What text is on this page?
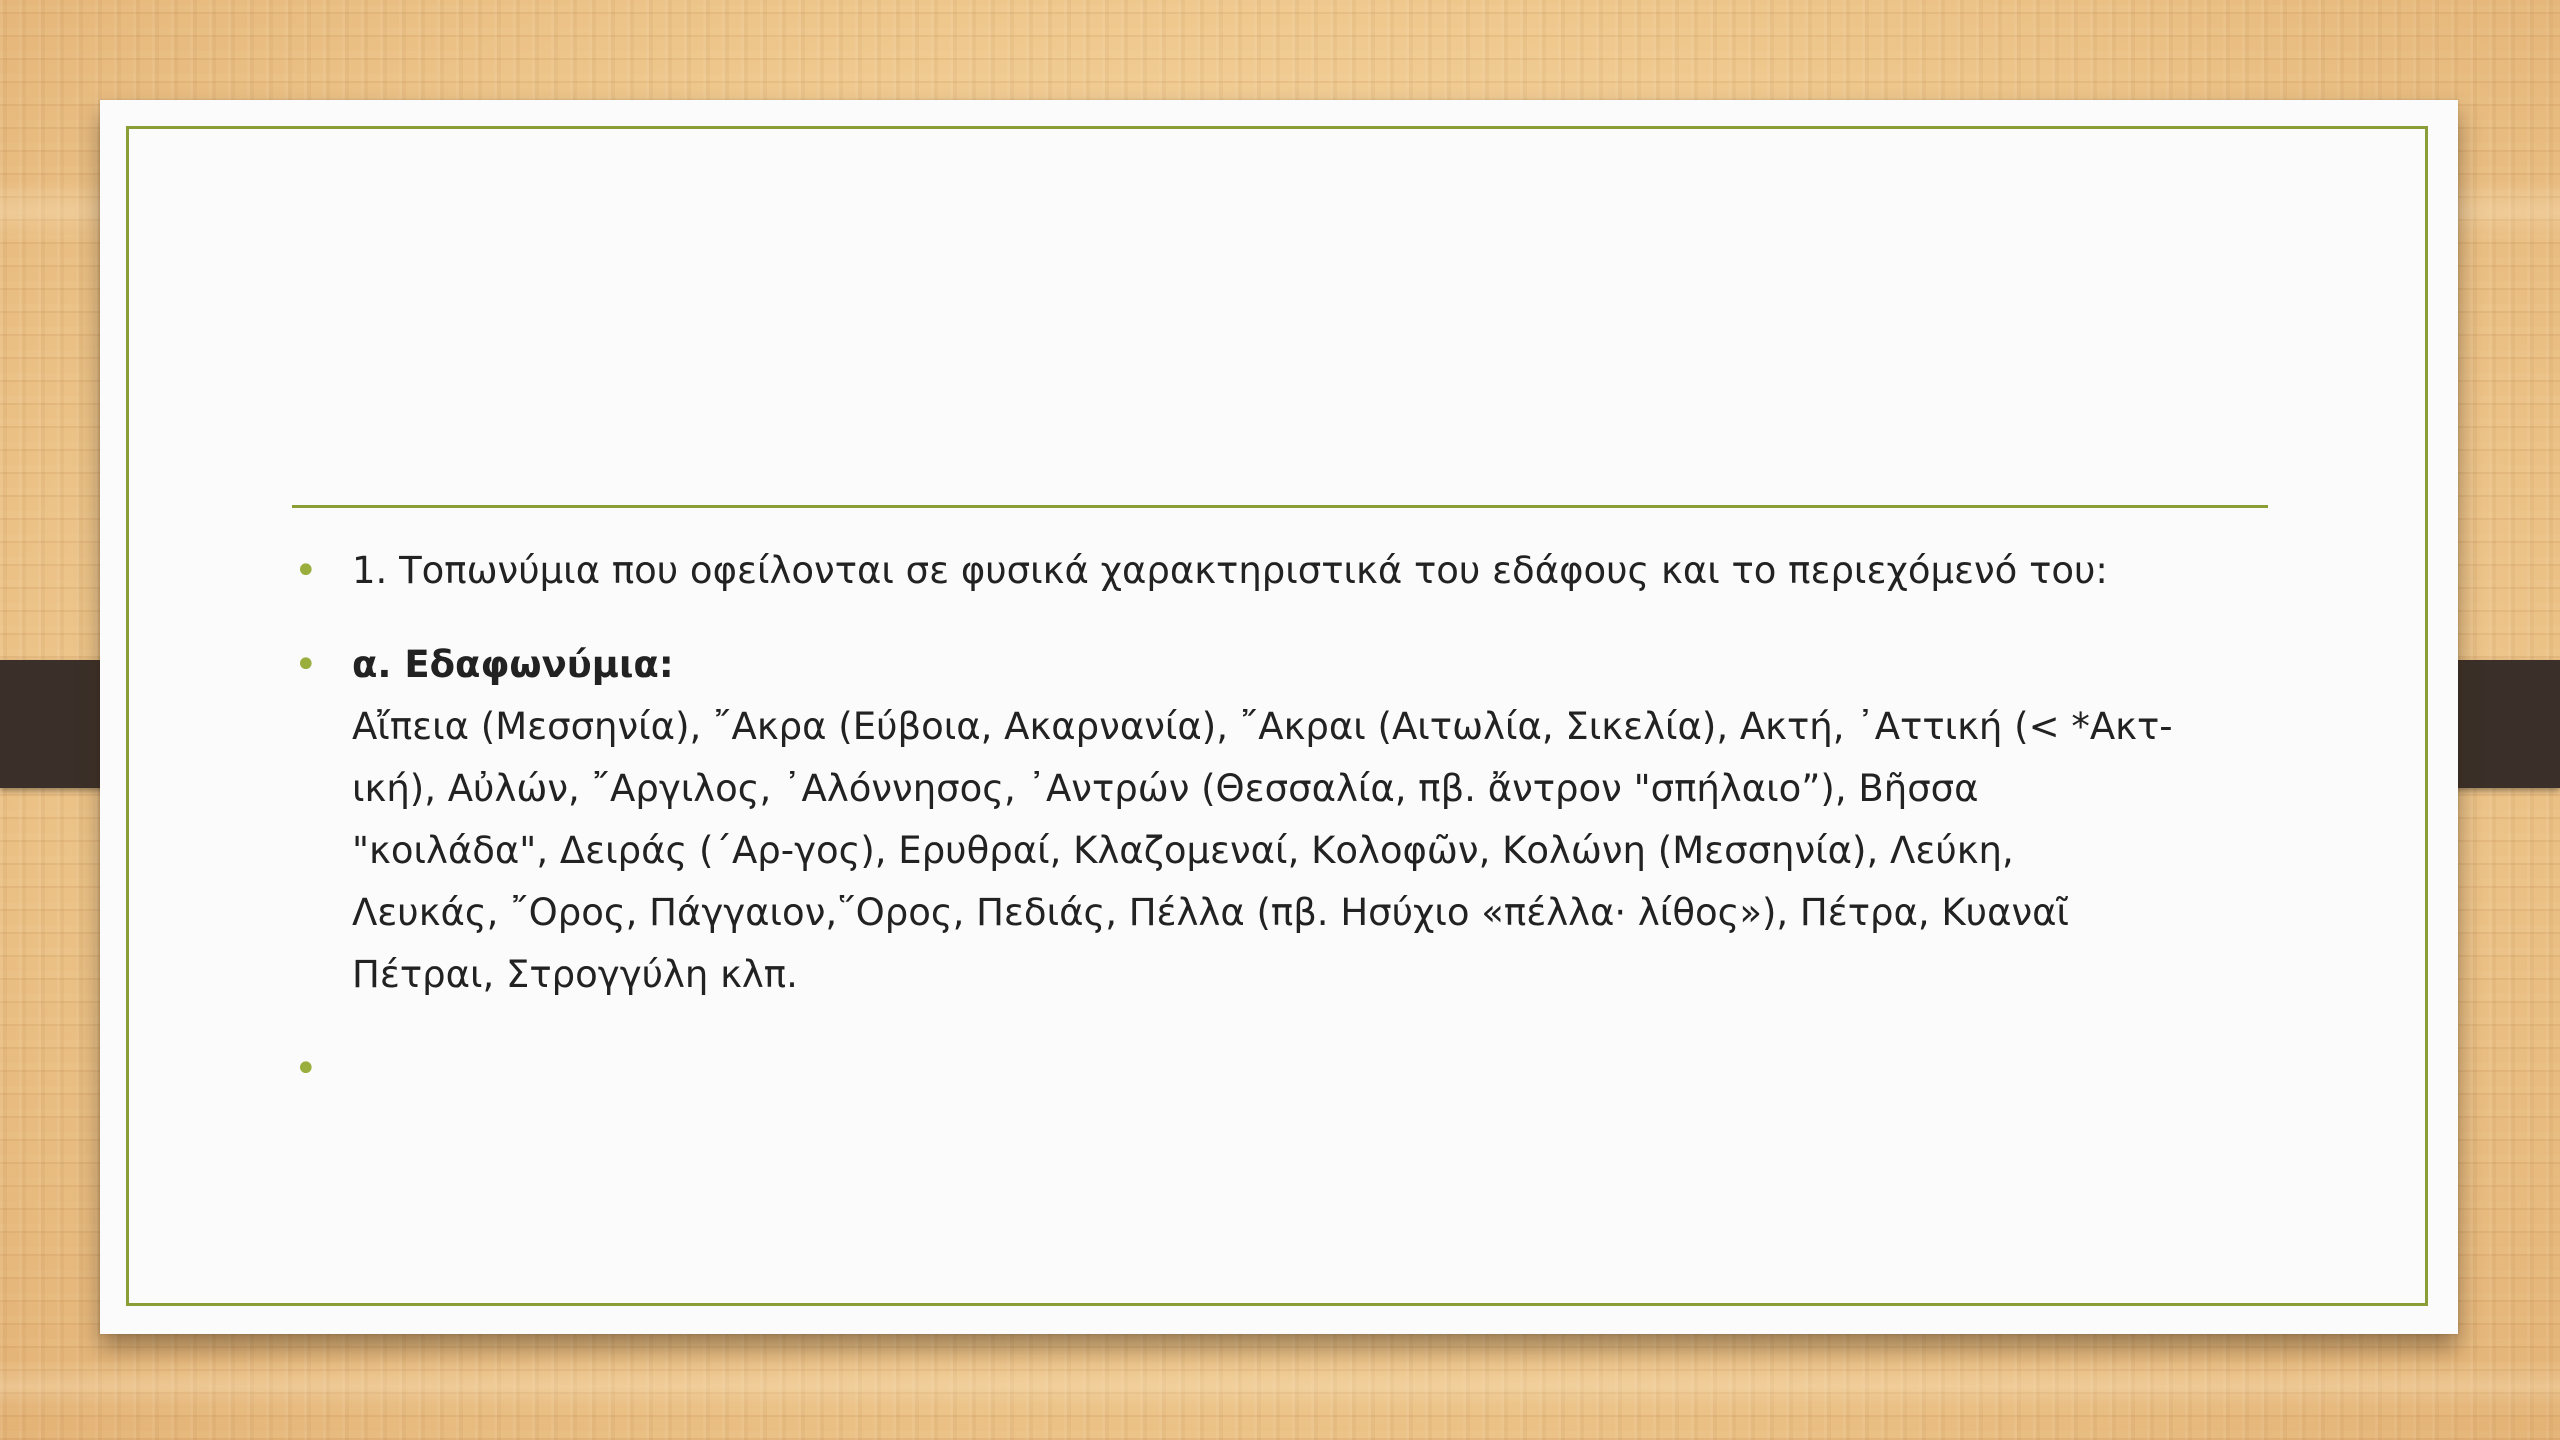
• 1. Τοπωνύμια που οφείλονται σε φυσικά χαρακτηριστικά του εδάφους και το περιεχόμενό του:
• α. Εδαφωνύμια:
Αἴπεια (Μεσσηνία), ῎Ακρα (Εύβοια, Ακαρνανία), ῎Ακραι (Αιτωλία, Σικελία), Ακτή, ᾿Αττική (< *Ακτ-
ική), Αὐλών, ῎Αργιλος, ᾿Αλόννησος, ᾿Αντρών (Θεσσαλία, πβ. ἄντρον "σπήλαιο”), Βῆσσα
"κοιλάδα", Δειράς (΄Αρ-γος), Ερυθραί, Κλαζομεναί, Κολοφῶν, Κολώνη (Μεσσηνία), Λεύκη,
Λευκάς, ῎Ορος, Πάγγαιον,῞Ορος, Πεδιάς, Πέλλα (πβ. Ησύχιο «πέλλα· λίθος»), Πέτρα, Κυαναῖ
Πέτραι, Στρογγύλη κλπ.
•
